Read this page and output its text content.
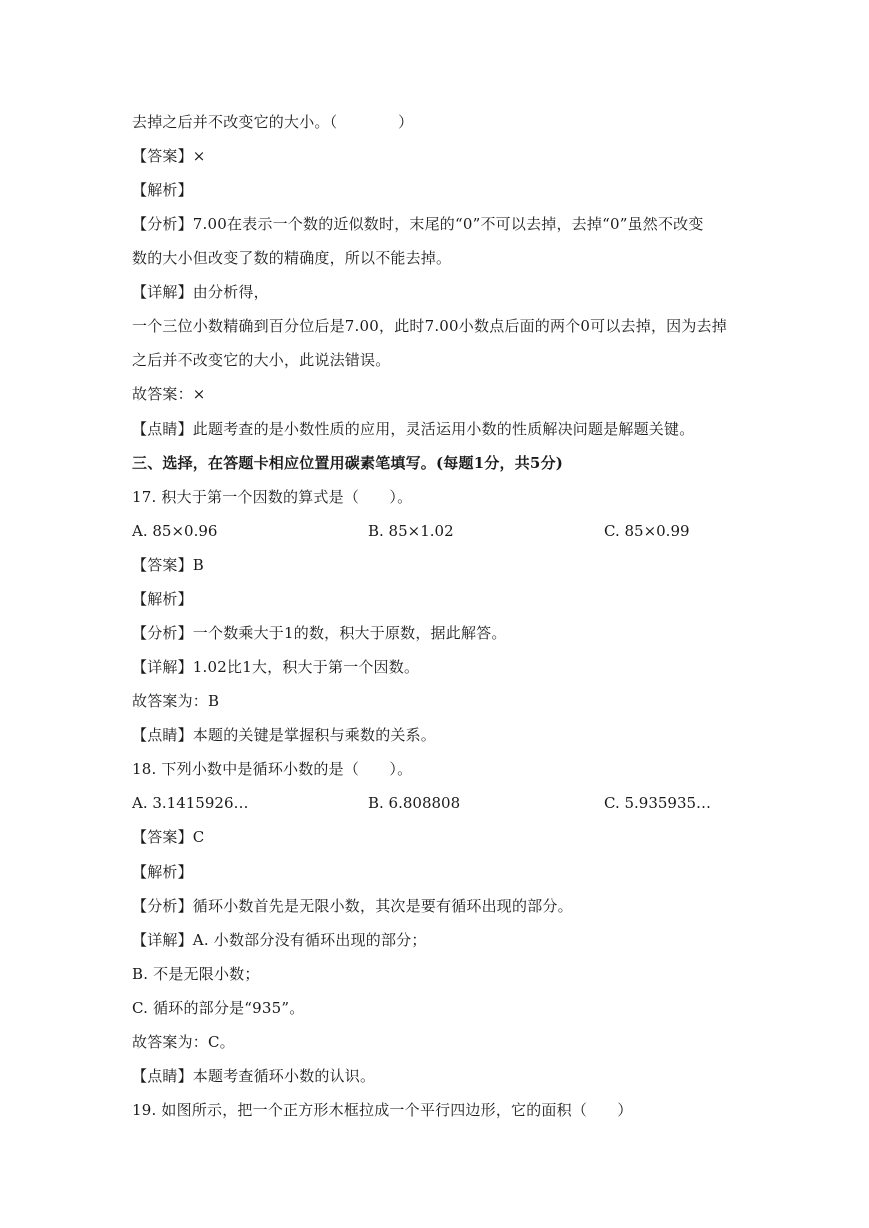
去掉之后并不改变它的大小。（　　　　）
【答案】×
【解析】
【分析】7.00在表示一个数的近似数时，末尾的“0”不可以去掉，去掉“0”虽然不改变
数的大小但改变了数的精确度，所以不能去掉。
【详解】由分析得，
一个三位小数精确到百分位后是7.00，此时7.00小数点后面的两个0可以去掉，因为去掉
之后并不改变它的大小，此说法错误。
故答案：×
【点睛】此题考查的是小数性质的应用，灵活运用小数的性质解决问题是解题关键。
三、选择，在答题卡相应位置用碳素笔填写。(每题1分，共5分)
17. 积大于第一个因数的算式是（　　）。
A. 85×0.96	B. 85×1.02	C. 85×0.99
【答案】B
【解析】
【分析】一个数乘大于1的数，积大于原数，据此解答。
【详解】1.02比1大，积大于第一个因数。
故答案为：B
【点睛】本题的关键是掌握积与乘数的关系。
18. 下列小数中是循环小数的是（　　）。
A. 3.1415926…	B. 6.808808	C. 5.935935…
【答案】C
【解析】
【分析】循环小数首先是无限小数，其次是要有循环出现的部分。
【详解】A. 小数部分没有循环出现的部分；
B. 不是无限小数；
C. 循环的部分是“935”。
故答案为：C。
【点睛】本题考查循环小数的认识。
19. 如图所示，把一个正方形木框拉成一个平行四边形，它的面积（　　）
